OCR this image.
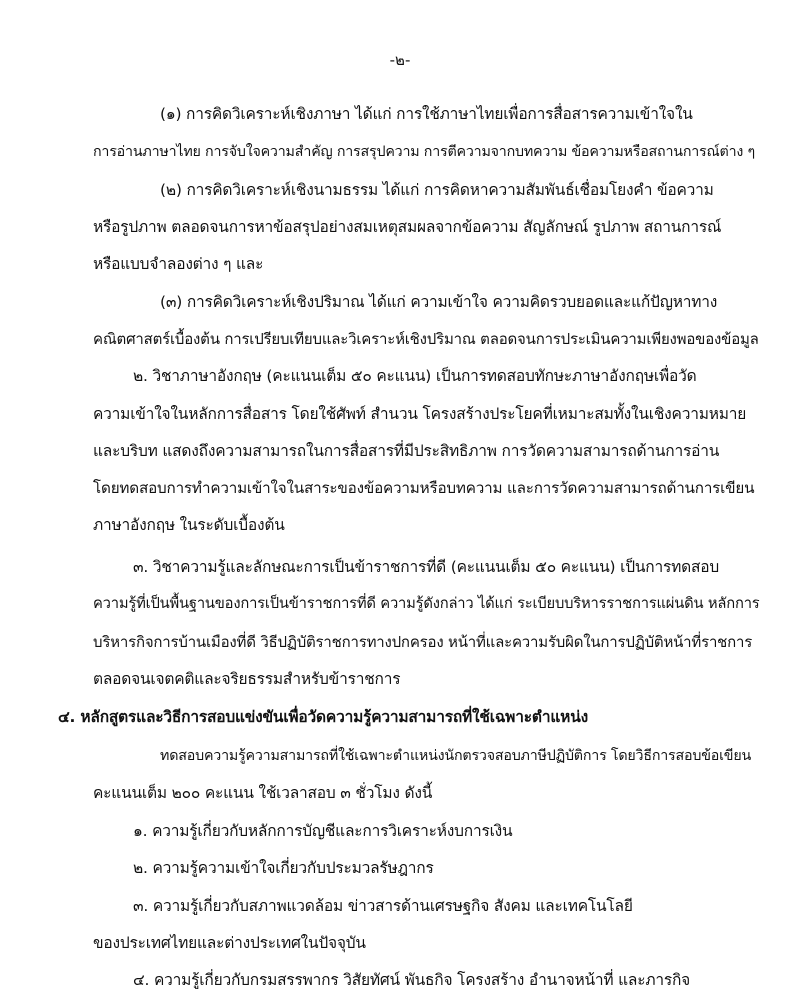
-๒-
(๑) การคิดวิเคราะห์เชิงภาษา ได้แก่ การใช้ภาษาไทยเพื่อการสื่อสารความเข้าใจใน
การอ่านภาษาไทย การจับใจความสำคัญ การสรุปความ การตีความจากบทความ ข้อความหรือสถานการณ์ต่าง ๆ
(๒) การคิดวิเคราะห์เชิงนามธรรม ได้แก่ การคิดหาความสัมพันธ์เชื่อมโยงคำ ข้อความ
หรือรูปภาพ ตลอดจนการหาข้อสรุปอย่างสมเหตุสมผลจากข้อความ สัญลักษณ์ รูปภาพ สถานการณ์
หรือแบบจำลองต่าง ๆ และ
(๓) การคิดวิเคราะห์เชิงปริมาณ ได้แก่ ความเข้าใจ ความคิดรวบยอดและแก้ปัญหาทาง
คณิตศาสตร์เบื้องต้น การเปรียบเทียบและวิเคราะห์เชิงปริมาณ ตลอดจนการประเมินความเพียงพอของข้อมูล
๒. วิชาภาษาอังกฤษ (คะแนนเต็ม ๕๐ คะแนน) เป็นการทดสอบทักษะภาษาอังกฤษเพื่อวัด
ความเข้าใจในหลักการสื่อสาร โดยใช้ศัพท์ สำนวน โครงสร้างประโยคที่เหมาะสมทั้งในเชิงความหมาย
และบริบท แสดงถึงความสามารถในการสื่อสารที่มีประสิทธิภาพ การวัดความสามารถด้านการอ่าน
โดยทดสอบการทำความเข้าใจในสาระของข้อความหรือบทความ และการวัดความสามารถด้านการเขียน
ภาษาอังกฤษ ในระดับเบื้องต้น
๓. วิชาความรู้และลักษณะการเป็นข้าราชการที่ดี (คะแนนเต็ม ๕๐ คะแนน) เป็นการทดสอบ
ความรู้ที่เป็นพื้นฐานของการเป็นข้าราชการที่ดี ความรู้ดังกล่าว ได้แก่ ระเบียบบริหารราชการแผ่นดิน หลักการ
บริหารกิจการบ้านเมืองที่ดี วิธีปฏิบัติราชการทางปกครอง หน้าที่และความรับผิดในการปฏิบัติหน้าที่ราชการ
ตลอดจนเจตคติและจริยธรรมสำหรับข้าราชการ
๔. หลักสูตรและวิธีการสอบแข่งขันเพื่อวัดความรู้ความสามารถที่ใช้เฉพาะตำแหน่ง
ทดสอบความรู้ความสามารถที่ใช้เฉพาะตำแหน่งนักตรวจสอบภาษีปฏิบัติการ โดยวิธีการสอบข้อเขียน
คะแนนเต็ม ๒๐๐ คะแนน ใช้เวลาสอบ ๓ ชั่วโมง ดังนี้
๑. ความรู้เกี่ยวกับหลักการบัญชีและการวิเคราะห์งบการเงิน
๒. ความรู้ความเข้าใจเกี่ยวกับประมวลรัษฎากร
๓. ความรู้เกี่ยวกับสภาพแวดล้อม ข่าวสารด้านเศรษฐกิจ สังคม และเทคโนโลยี
ของประเทศไทยและต่างประเทศในปัจจุบัน
๔. ความรู้เกี่ยวกับกรมสรรพากร วิสัยทัศน์ พันธกิจ โครงสร้าง อำนาจหน้าที่ และภารกิจ
